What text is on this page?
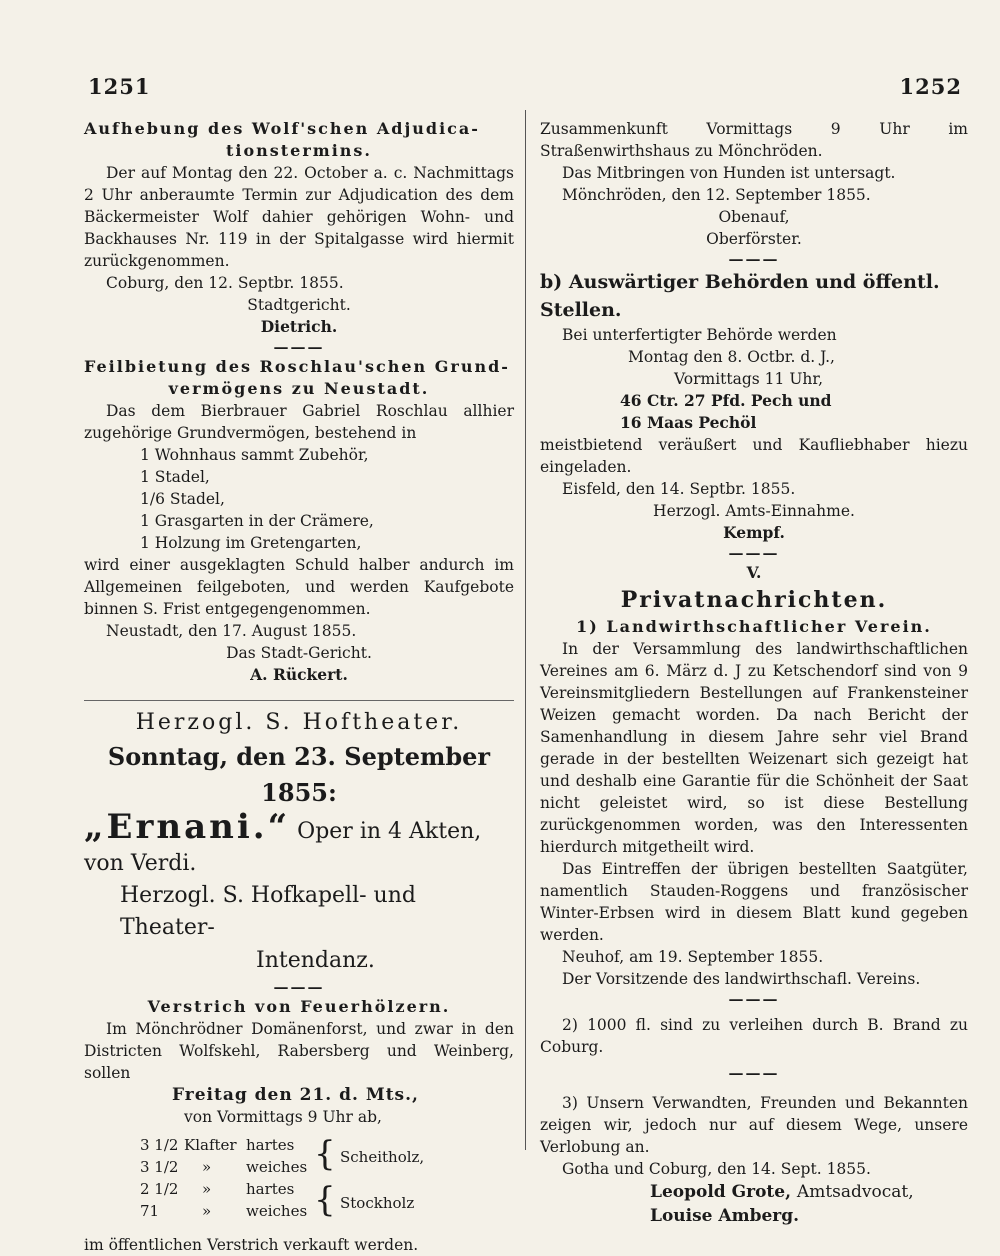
1251	1252

Aufhebung des Wolf'schen Adjudica-

tionstermins.

Der auf Montag den 22. October a. c. Nachmittags 2 Uhr anberaumte Termin zur Adjudication des dem Bäckermeister Wolf dahier gehörigen Wohn- und Backhauses Nr. 119 in der Spitalgasse wird hiermit zurückgenommen.

Coburg, den 12. Septbr. 1855.

Stadtgericht.

Dietrich.

———

Feilbietung des Roschlau'schen Grund-

vermögens zu Neustadt.

Das dem Bierbrauer Gabriel Roschlau allhier zugehörige Grundvermögen, bestehend in

1 Wohnhaus sammt Zubehör,

1 Stadel,

1/6 Stadel,

1 Grasgarten in der Crämere,

1 Holzung im Gretengarten,

wird einer ausgeklagten Schuld halber andurch im Allgemeinen feilgeboten, und werden Kaufgebote binnen S. Frist entgegengenommen.

Neustadt, den 17. August 1855.

Das Stadt-Gericht.

A. Rückert.

Herzogl. S. Hoftheater.

Sonntag, den 23. September 1855:

„Ernani.“ Oper in 4 Akten,

von Verdi.

Herzogl. S. Hofkapell- und Theater-

Intendanz.

———

Verstrich von Feuerhölzern.

Im Mönchrödner Domänenforst, und zwar in den Districten Wolfskehl, Rabersberg und Weinberg, sollen

Freitag den 21. d. Mts.,

von Vormittags 9 Uhr ab,

3 1/2 Klafter hartes
3 1/2 » weiches
2 1/2 » hartes
71	» weiches
{
{
Scheitholz,
Stockholz

im öffentlichen Verstrich verkauft werden.

Zusammenkunft Vormittags 9 Uhr im Straßenwirthshaus zu Mönchröden.

Das Mitbringen von Hunden ist untersagt.

Mönchröden, den 12. September 1855.

Obenauf,

Oberförster.

———

b) Auswärtiger Behörden und öffentl. Stellen.

Bei unterfertigter Behörde werden

Montag den 8. Octbr. d. J.,

Vormittags 11 Uhr,

46 Ctr. 27 Pfd. Pech und

16 Maas Pechöl

meistbietend veräußert und Kaufliebhaber hiezu eingeladen.

Eisfeld, den 14. Septbr. 1855.

Herzogl. Amts-Einnahme.

Kempf.

———

V.

Privatnachrichten.

1) Landwirthschaftlicher Verein.

In der Versammlung des landwirthschaftlichen Vereines am 6. März d. J zu Ketschendorf sind von 9 Vereinsmitgliedern Bestellungen auf Frankensteiner Weizen gemacht worden. Da nach Bericht der Samenhandlung in diesem Jahre sehr viel Brand gerade in der bestellten Weizenart sich gezeigt hat und deshalb eine Garantie für die Schönheit der Saat nicht geleistet wird, so ist diese Bestellung zurückgenommen worden, was den Interessenten hierdurch mitgetheilt wird.

Das Eintreffen der übrigen bestellten Saatgüter, namentlich Stauden-Roggens und französischer Winter-Erbsen wird in diesem Blatt kund gegeben werden.

Neuhof, am 19. September 1855.

Der Vorsitzende des landwirthschafl. Vereins.

———

2) 1000 fl. sind zu verleihen durch B. Brand zu Coburg.

———

3) Unsern Verwandten, Freunden und Bekannten zeigen wir, jedoch nur auf diesem Wege, unsere Verlobung an.

Gotha und Coburg, den 14. Sept. 1855.

Leopold Grote, Amtsadvocat,

Louise Amberg.
